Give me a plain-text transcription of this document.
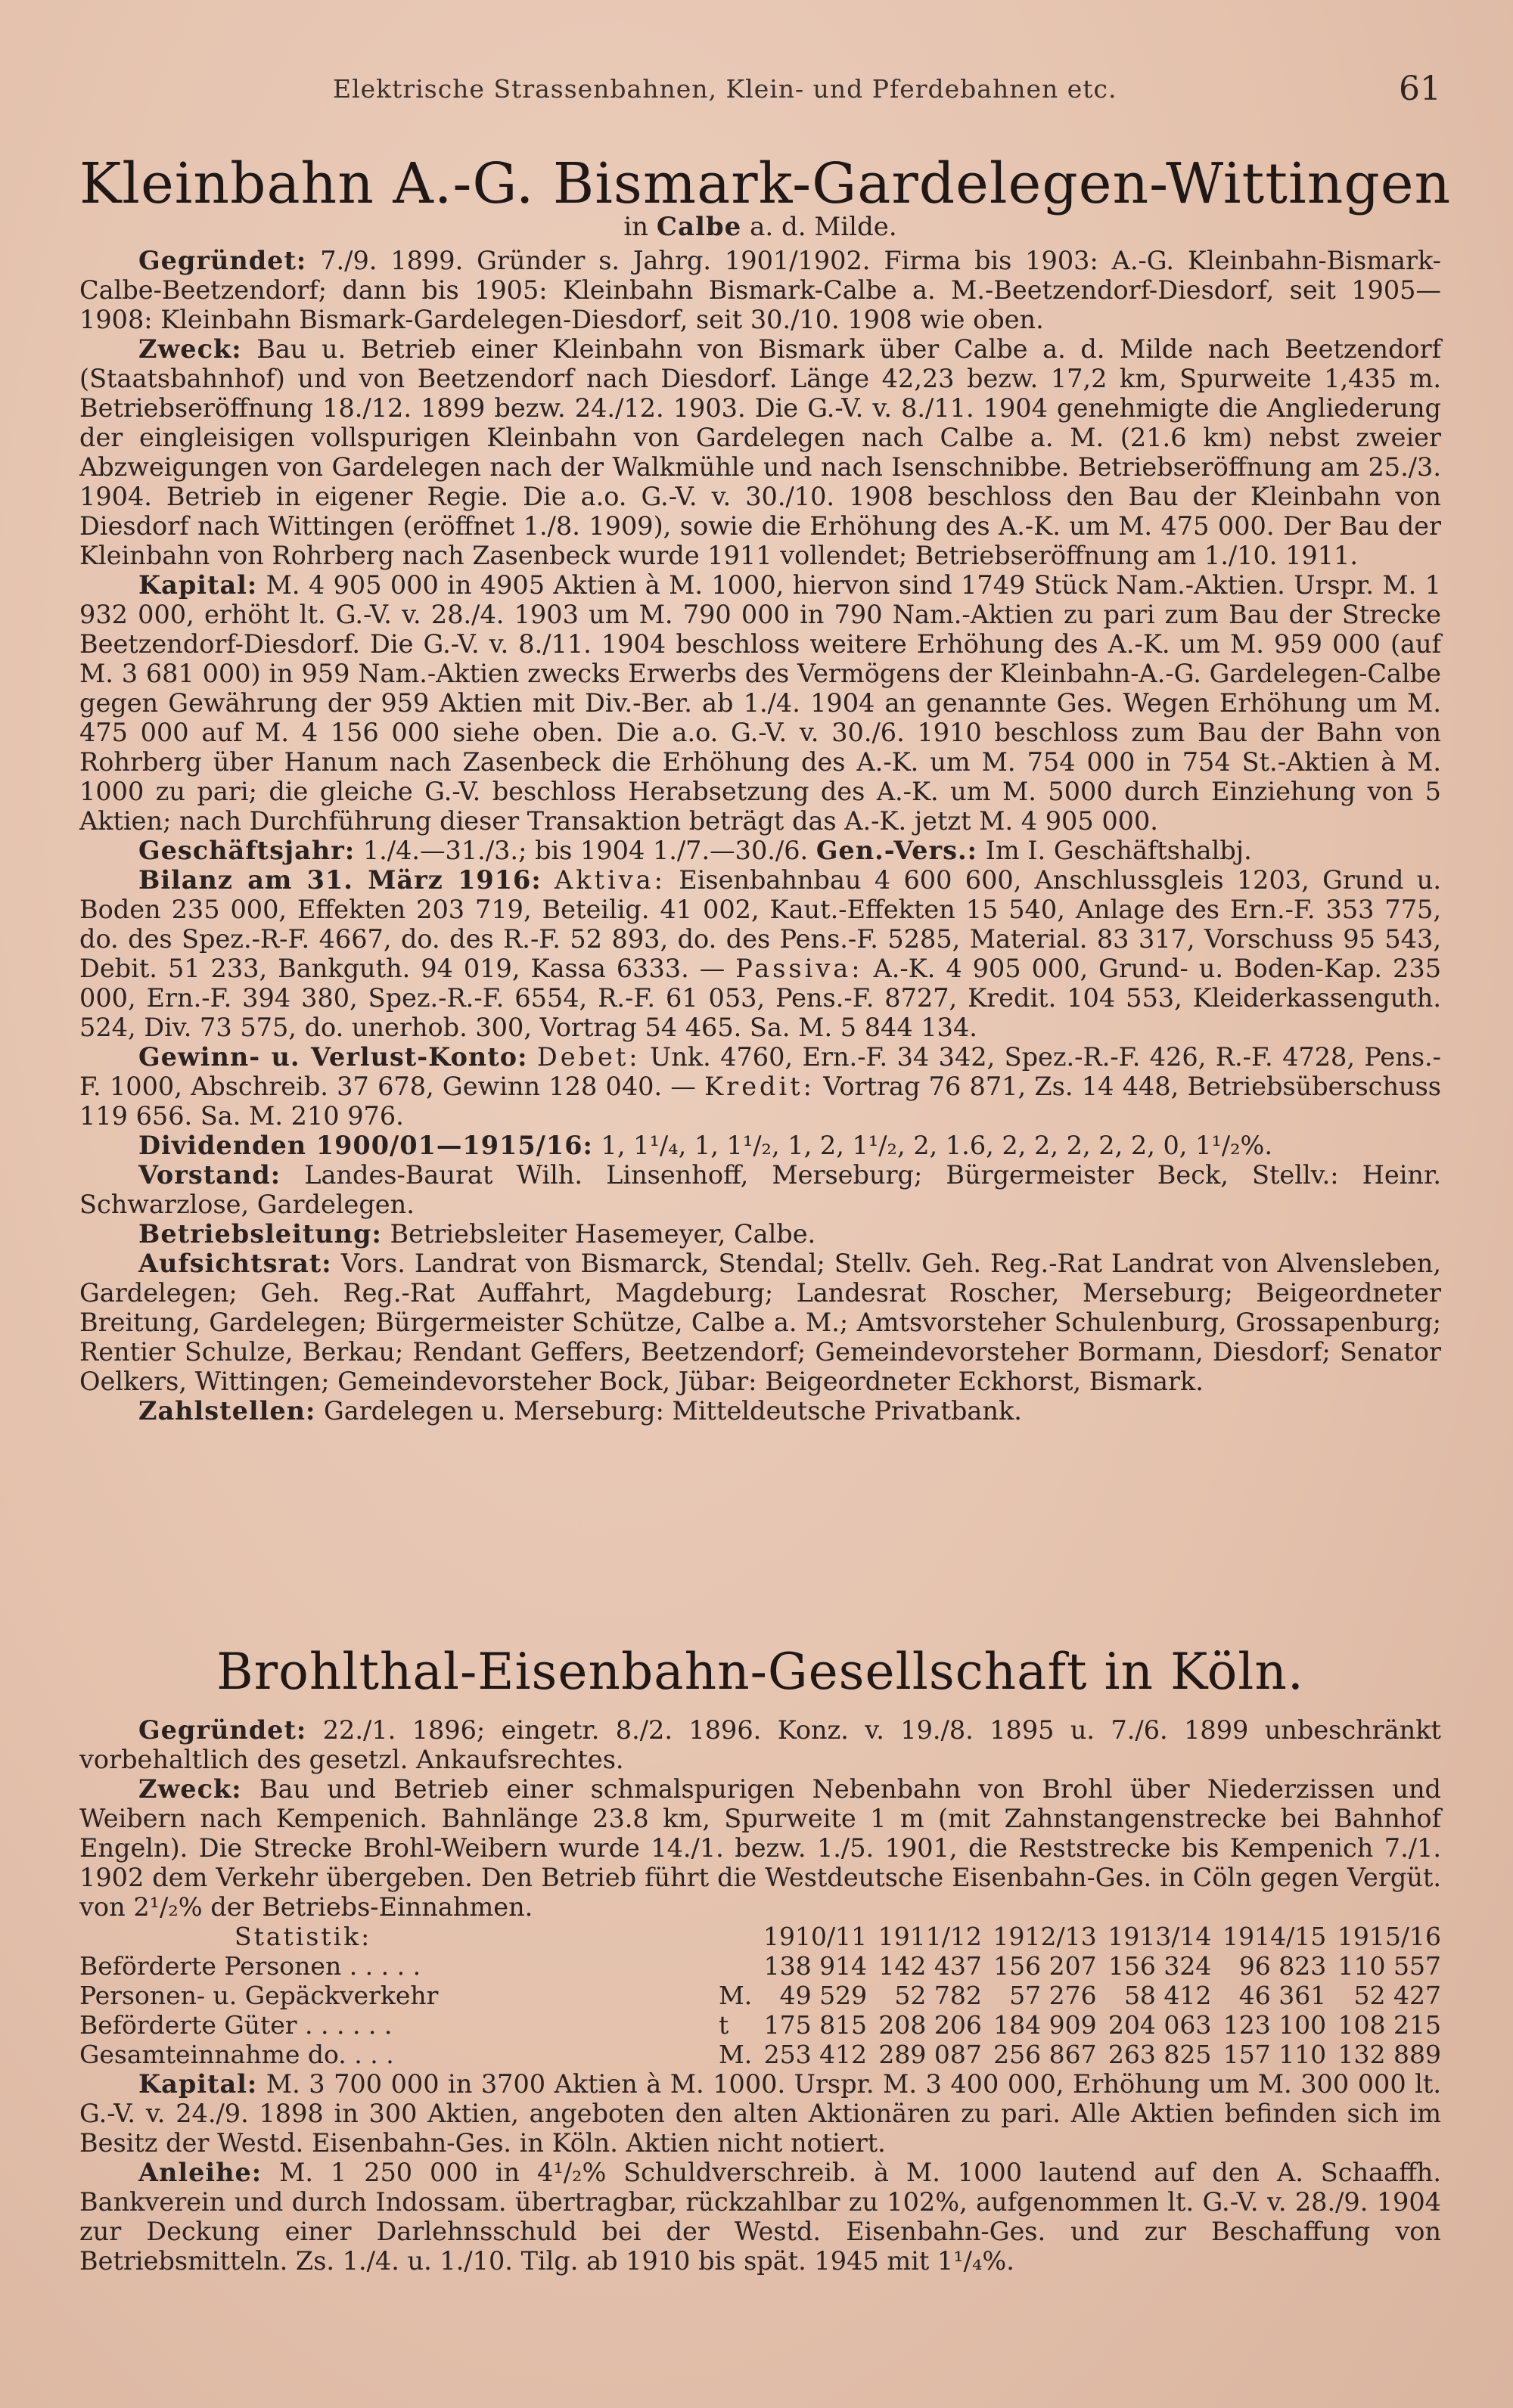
Elektrische Strassenbahnen, Klein- und Pferdebahnen etc.	61
Kleinbahn A.-G. Bismark-Gardelegen-Wittingen
in Calbe a. d. Milde.

Gegründet: 7./9. 1899. Gründer s. Jahrg. 1901/1902. Firma bis 1903: A.-G. Kleinbahn-Bismark-Calbe-Beetzendorf; dann bis 1905: Kleinbahn Bismark-Calbe a. M.-Beetzendorf-Diesdorf, seit 1905—1908: Kleinbahn Bismark-Gardelegen-Diesdorf, seit 30./10. 1908 wie oben.

Zweck: Bau u. Betrieb einer Kleinbahn von Bismark über Calbe a. d. Milde nach Beetzendorf (Staatsbahnhof) und von Beetzendorf nach Diesdorf. Länge 42,23 bezw. 17,2 km, Spurweite 1,435 m. Betriebseröffnung 18./12. 1899 bezw. 24./12. 1903. Die G.-V. v. 8./11. 1904 genehmigte die Angliederung der eingleisigen vollspurigen Kleinbahn von Gardelegen nach Calbe a. M. (21.6 km) nebst zweier Abzweigungen von Gardelegen nach der Walkmühle und nach Isenschnibbe. Betriebseröffnung am 25./3. 1904. Betrieb in eigener Regie. Die a.o. G.-V. v. 30./10. 1908 beschloss den Bau der Kleinbahn von Diesdorf nach Wittingen (eröffnet 1./8. 1909), sowie die Erhöhung des A.-K. um M. 475 000. Der Bau der Kleinbahn von Rohrberg nach Zasenbeck wurde 1911 vollendet; Betriebseröffnung am 1./10. 1911.

Kapital: M. 4 905 000 in 4905 Aktien à M. 1000, hiervon sind 1749 Stück Nam.-Aktien. Urspr. M. 1 932 000, erhöht lt. G.-V. v. 28./4. 1903 um M. 790 000 in 790 Nam.-Aktien zu pari zum Bau der Strecke Beetzendorf-Diesdorf. Die G.-V. v. 8./11. 1904 beschloss weitere Erhöhung des A.-K. um M. 959 000 (auf M. 3 681 000) in 959 Nam.-Aktien zwecks Erwerbs des Vermögens der Kleinbahn-A.-G. Gardelegen-Calbe gegen Gewährung der 959 Aktien mit Div.-Ber. ab 1./4. 1904 an genannte Ges. Wegen Erhöhung um M. 475 000 auf M. 4 156 000 siehe oben. Die a.o. G.-V. v. 30./6. 1910 beschloss zum Bau der Bahn von Rohrberg über Hanum nach Zasenbeck die Erhöhung des A.-K. um M. 754 000 in 754 St.-Aktien à M. 1000 zu pari; die gleiche G.-V. beschloss Herabsetzung des A.-K. um M. 5000 durch Einziehung von 5 Aktien; nach Durchführung dieser Transaktion beträgt das A.-K. jetzt M. 4 905 000.

Geschäftsjahr: 1./4.—31./3.; bis 1904 1./7.—30./6. Gen.-Vers.: Im I. Geschäftshalbj.

Bilanz am 31. März 1916: Aktiva: Eisenbahnbau 4 600 600, Anschlussgleis 1203, Grund u. Boden 235 000, Effekten 203 719, Beteilig. 41 002, Kaut.-Effekten 15 540, Anlage des Ern.-F. 353 775, do. des Spez.-R-F. 4667, do. des R.-F. 52 893, do. des Pens.-F. 5285, Material. 83 317, Vorschuss 95 543, Debit. 51 233, Bankguth. 94 019, Kassa 6333. — Passiva: A.-K. 4 905 000, Grund- u. Boden-Kap. 235 000, Ern.-F. 394 380, Spez.-R.-F. 6554, R.-F. 61 053, Pens.-F. 8727, Kredit. 104 553, Kleiderkassenguth. 524, Div. 73 575, do. unerhob. 300, Vortrag 54 465. Sa. M. 5 844 134.

Gewinn- u. Verlust-Konto: Debet: Unk. 4760, Ern.-F. 34 342, Spez.-R.-F. 426, R.-F. 4728, Pens.-F. 1000, Abschreib. 37 678, Gewinn 128 040. — Kredit: Vortrag 76 871, Zs. 14 448, Betriebsüberschuss 119 656. Sa. M. 210 976.

Dividenden 1900/01—1915/16: 1, 1¹/₄, 1, 1¹/₂, 1, 2, 1¹/₂, 2, 1.6, 2, 2, 2, 2, 2, 0, 1¹/₂%.

Vorstand: Landes-Baurat Wilh. Linsenhoff, Merseburg; Bürgermeister Beck, Stellv.: Heinr. Schwarzlose, Gardelegen.

Betriebsleitung: Betriebsleiter Hasemeyer, Calbe.

Aufsichtsrat: Vors. Landrat von Bismarck, Stendal; Stellv. Geh. Reg.-Rat Landrat von Alvensleben, Gardelegen; Geh. Reg.-Rat Auffahrt, Magdeburg; Landesrat Roscher, Merseburg; Beigeordneter Breitung, Gardelegen; Bürgermeister Schütze, Calbe a. M.; Amtsvorsteher Schulenburg, Grossapenburg; Rentier Schulze, Berkau; Rendant Geffers, Beetzendorf; Gemeindevorsteher Bormann, Diesdorf; Senator Oelkers, Wittingen; Gemeindevorsteher Bock, Jübar: Beigeordneter Eckhorst, Bismark.

Zahlstellen: Gardelegen u. Merseburg: Mitteldeutsche Privatbank.

Brohlthal-Eisenbahn-Gesellschaft in Köln.

Gegründet: 22./1. 1896; eingetr. 8./2. 1896. Konz. v. 19./8. 1895 u. 7./6. 1899 unbeschränkt vorbehaltlich des gesetzl. Ankaufsrechtes.

Zweck: Bau und Betrieb einer schmalspurigen Nebenbahn von Brohl über Niederzissen und Weibern nach Kempenich. Bahnlänge 23.8 km, Spurweite 1 m (mit Zahnstangenstrecke bei Bahnhof Engeln). Die Strecke Brohl-Weibern wurde 14./1. bezw. 1./5. 1901, die Reststrecke bis Kempenich 7./1. 1902 dem Verkehr übergeben. Den Betrieb führt die Westdeutsche Eisenbahn-Ges. in Cöln gegen Vergüt. von 2¹/₂% der Betriebs-Einnahmen.

Statistik:		1910/11	1911/12	1912/13	1913/14	1914/15	1915/16
Beförderte Personen . . . . .		138 914	142 437	156 207	156 324	96 823	110 557
Personen- u. Gepäckverkehr	M.	49 529	52 782	57 276	58 412	46 361	52 427
Beförderte Güter . . . . . .	t	175 815	208 206	184 909	204 063	123 100	108 215
Gesamteinnahme do. . . .	M.	253 412	289 087	256 867	263 825	157 110	132 889

Kapital: M. 3 700 000 in 3700 Aktien à M. 1000. Urspr. M. 3 400 000, Erhöhung um M. 300 000 lt. G.-V. v. 24./9. 1898 in 300 Aktien, angeboten den alten Aktionären zu pari. Alle Aktien befinden sich im Besitz der Westd. Eisenbahn-Ges. in Köln. Aktien nicht notiert.

Anleihe: M. 1 250 000 in 4¹/₂% Schuldverschreib. à M. 1000 lautend auf den A. Schaaffh. Bankverein und durch Indossam. übertragbar, rückzahlbar zu 102%, aufgenommen lt. G.-V. v. 28./9. 1904 zur Deckung einer Darlehnsschuld bei der Westd. Eisenbahn-Ges. und zur Beschaffung von Betriebsmitteln. Zs. 1./4. u. 1./10. Tilg. ab 1910 bis spät. 1945 mit 1¹/₄%.
